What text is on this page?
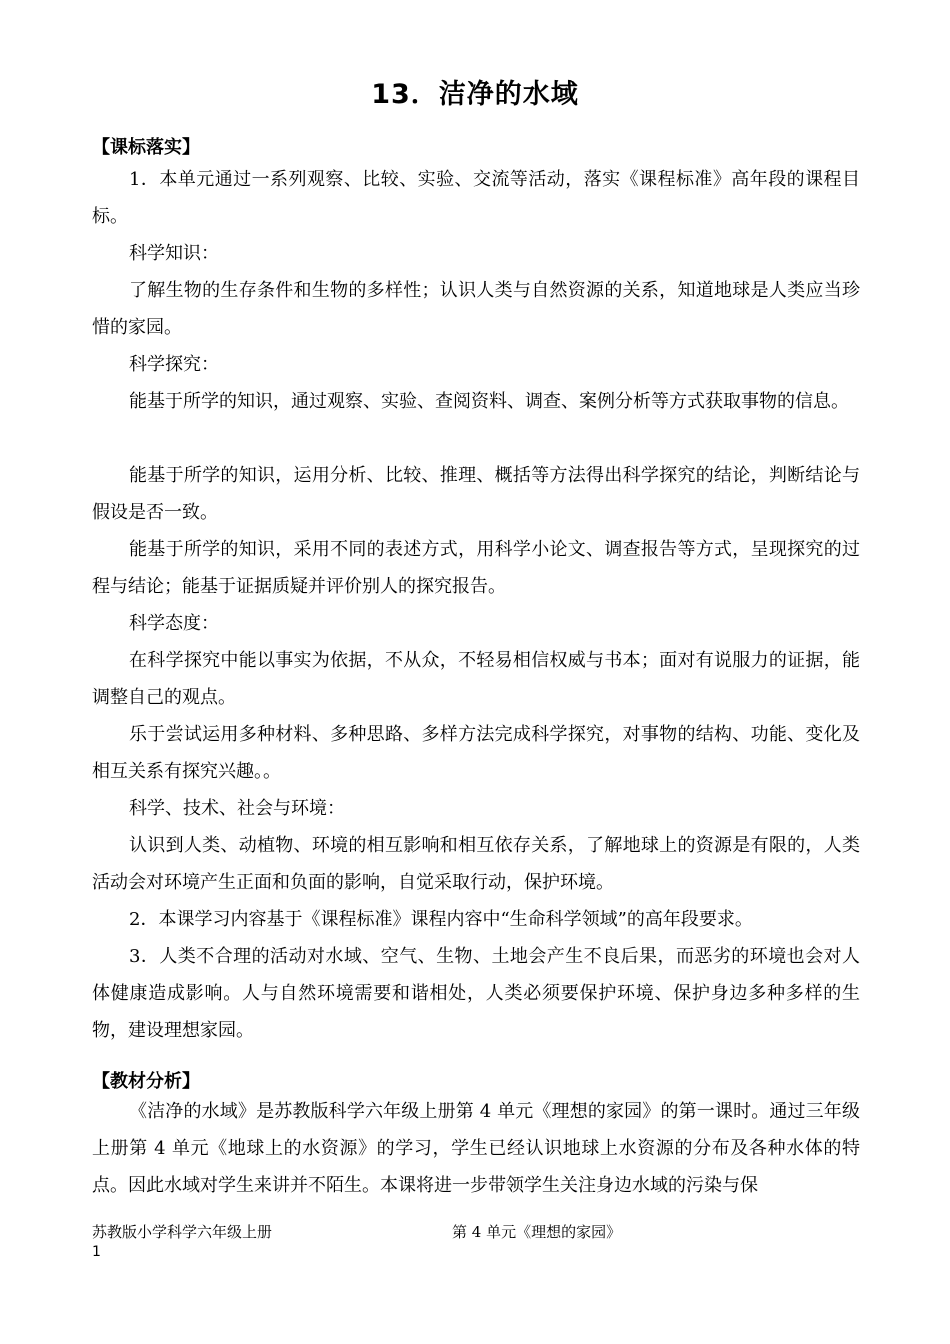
13．洁净的水域
【课标落实】
1．本单元通过一系列观察、比较、实验、交流等活动，落实《课程标准》高年段的课程目标。
科学知识：
了解生物的生存条件和生物的多样性；认识人类与自然资源的关系，知道地球是人类应当珍惜的家园。
科学探究：
能基于所学的知识，通过观察、实验、查阅资料、调查、案例分析等方式获取事物的信息。
能基于所学的知识，运用分析、比较、推理、概括等方法得出科学探究的结论，判断结论与假设是否一致。
能基于所学的知识，采用不同的表述方式，用科学小论文、调查报告等方式，呈现探究的过程与结论；能基于证据质疑并评价别人的探究报告。
科学态度：
在科学探究中能以事实为依据，不从众，不轻易相信权威与书本；面对有说服力的证据，能调整自己的观点。
乐于尝试运用多种材料、多种思路、多样方法完成科学探究，对事物的结构、功能、变化及相互关系有探究兴趣。。
科学、技术、社会与环境：
认识到人类、动植物、环境的相互影响和相互依存关系，了解地球上的资源是有限的，人类活动会对环境产生正面和负面的影响，自觉采取行动，保护环境。
2．本课学习内容基于《课程标准》课程内容中“生命科学领域”的高年段要求。
3．人类不合理的活动对水域、空气、生物、土地会产生不良后果，而恶劣的环境也会对人体健康造成影响。人与自然环境需要和谐相处，人类必须要保护环境、保护身边多种多样的生物，建设理想家园。
【教材分析】
《洁净的水域》是苏教版科学六年级上册第 4 单元《理想的家园》的第一课时。通过三年级上册第 4 单元《地球上的水资源》的学习，学生已经认识地球上水资源的分布及各种水体的特点。因此水域对学生来讲并不陌生。本课将进一步带领学生关注身边水域的污染与保
苏教版小学科学六年级上册	第 4 单元《理想的家园》
1
